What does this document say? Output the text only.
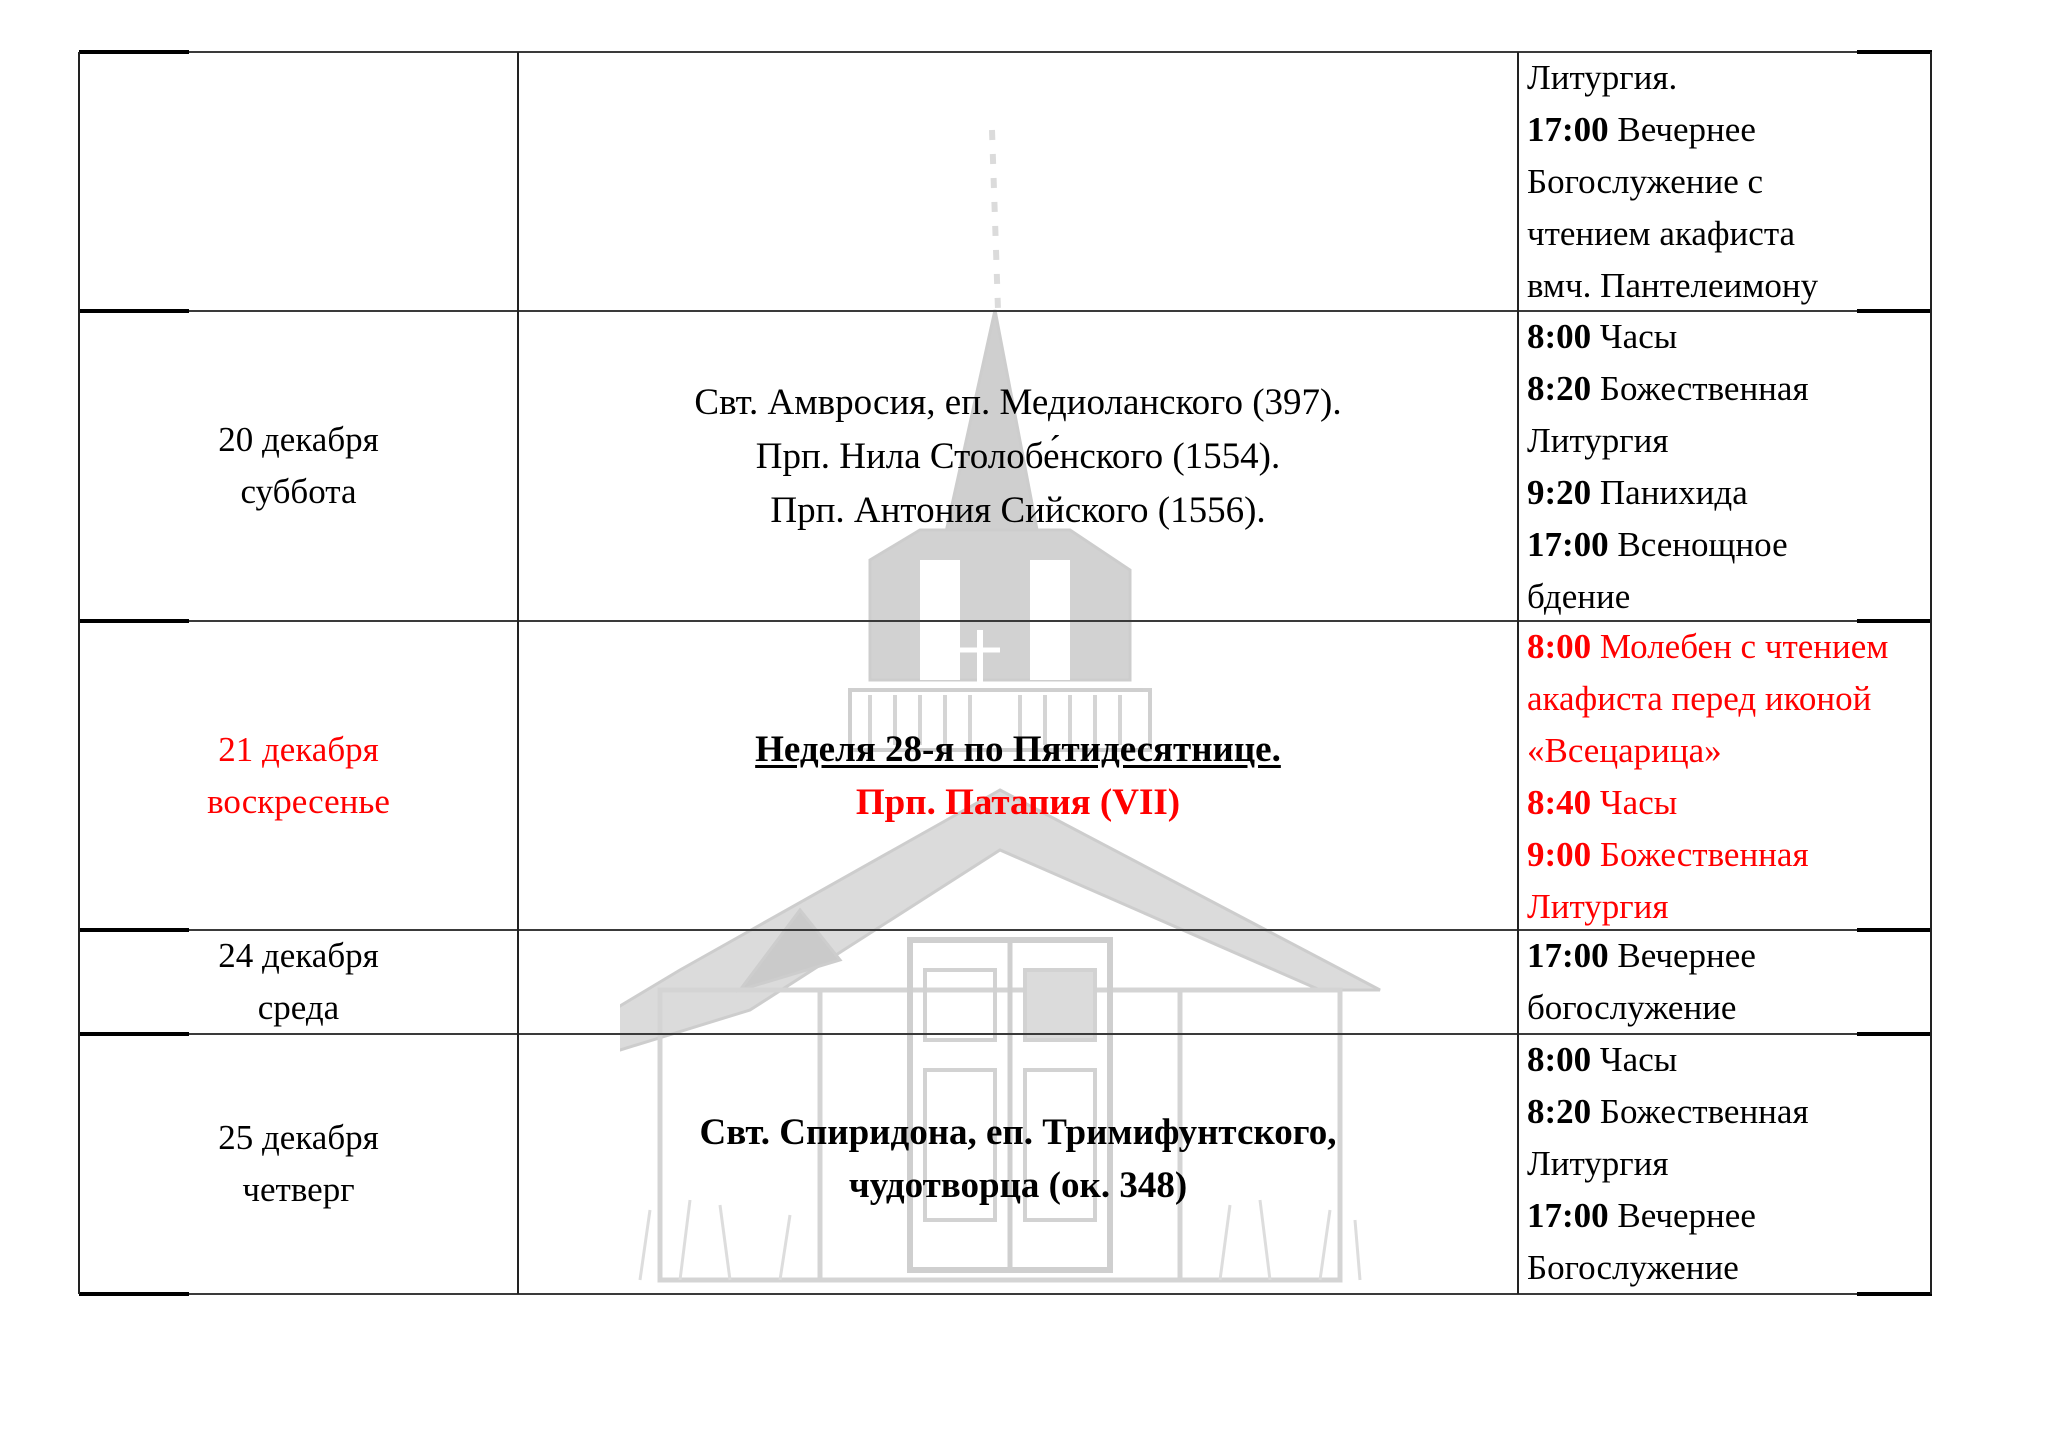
Литургия.
17:00 Вечернее
Богослужение с
чтением акафиста
вмч. Пантелеимону
20 декабря
суббота
Свт. Амвросия, еп. Медиоланского (397).
Прп. Нила Столобе́нского (1554).
Прп. Антония Сийского (1556).
8:00 Часы
8:20 Божественная
Литургия
9:20 Панихида
17:00 Всенощное
бдение
21 декабря
воскресенье
Неделя 28-я по Пятидесятнице.
Прп. Патапия (VII)
8:00 Молебен с чтением
акафиста перед иконой
«Всецарица»
8:40 Часы
9:00 Божественная
Литургия
24 декабря
среда
17:00 Вечернее
богослужение
25 декабря
четверг
Свт. Спиридона, еп. Тримифунтского,
чудотворца (ок. 348)
8:00 Часы
8:20 Божественная
Литургия
17:00 Вечернее
Богослужение
